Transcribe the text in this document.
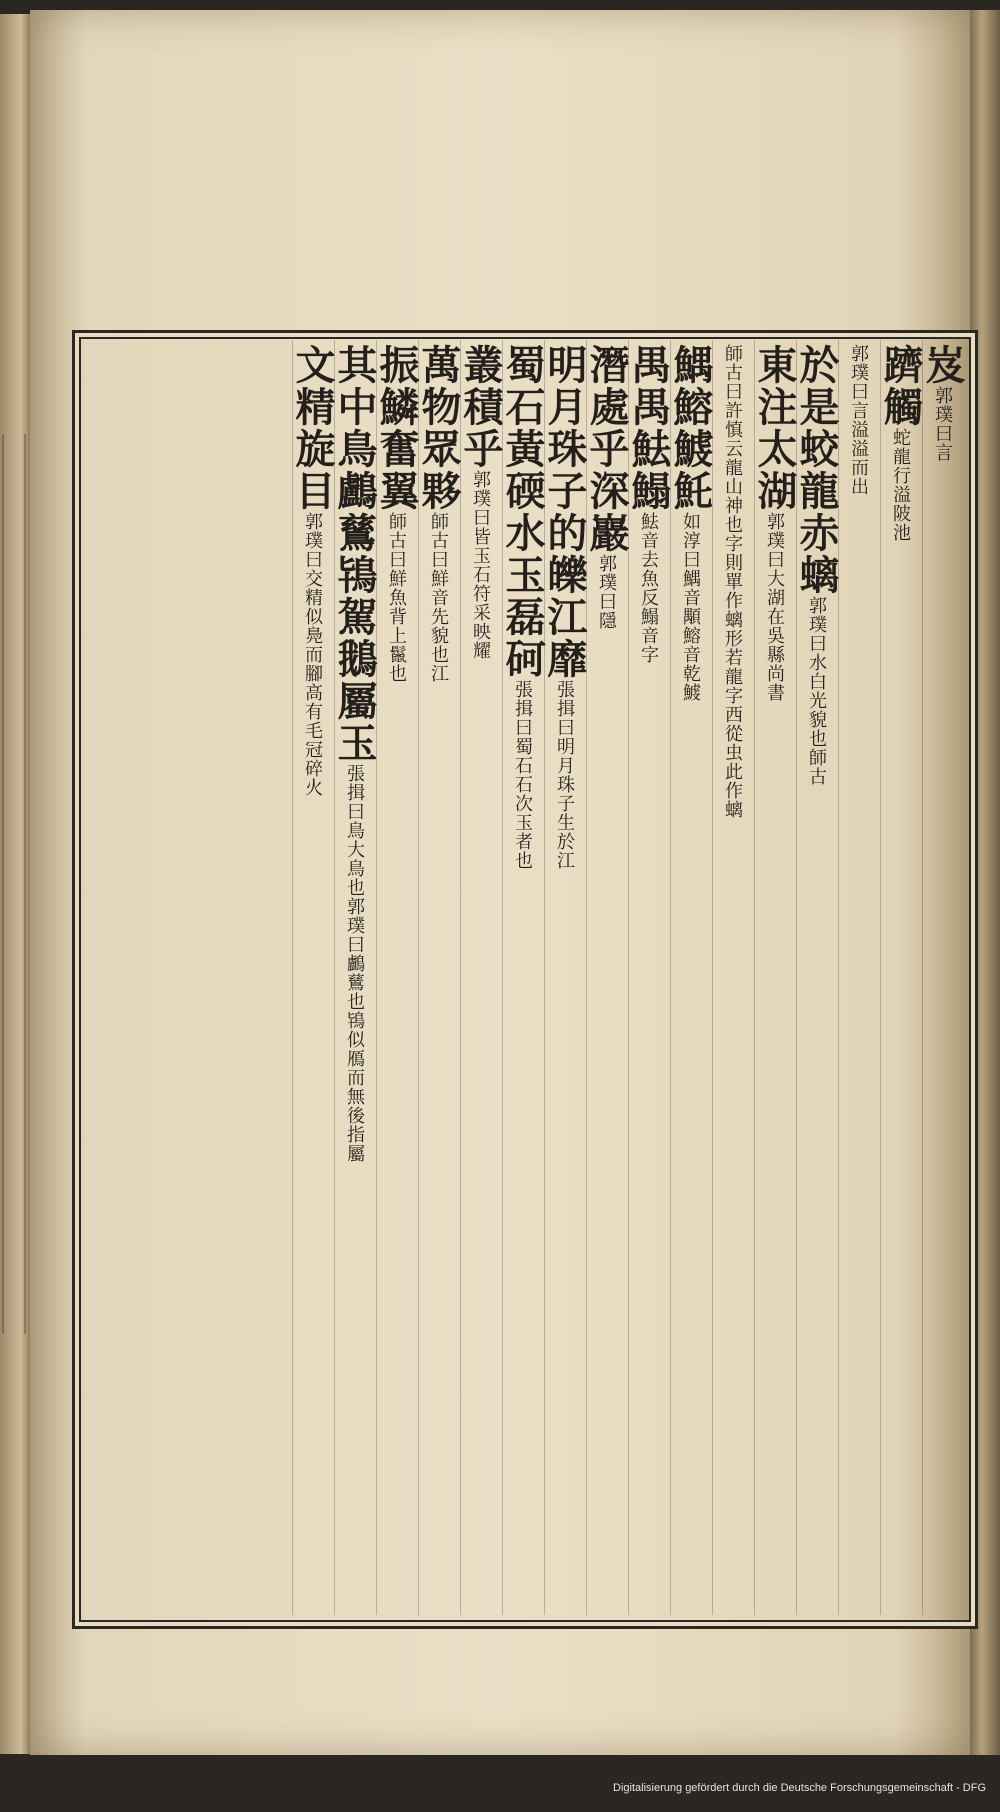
岌郭璞曰言
躋觸蛇龍行溢陂池
郭璞曰言溢溢而出
於是蛟龍赤螭郭璞曰水白光貌也師古
東注太湖郭璞曰大湖在吳縣尚書
師古曰許慎云龍山神也字則單作螭形若龍字西從虫此作螭
鰅鰫鰬魠如淳曰鰅音顒鰫音乾鰬
禺禺魼鰨魼音去魚反鰨音字
潛處乎深巖郭璞曰隱
明月珠子的皪江靡張揖曰明月珠子生於江
蜀石黃碝水玉磊砢張揖曰蜀石石次玉者也
叢積乎郭璞曰皆玉石符采映耀
萬物眾夥師古曰鮮音先貌也江
振鱗奮翼師古曰鮮魚背上鬣也
其中鳥鸕鶿鴇駕鵝屬玉張揖曰鳥大鳥也郭璞曰鸕鶿也鴇似鴈而無後指屬
文精旋目郭璞曰交精似鳧而腳高有毛冠碎火
Digitalisierung gefördert durch die Deutsche Forschungsgemeinschaft - DFG
